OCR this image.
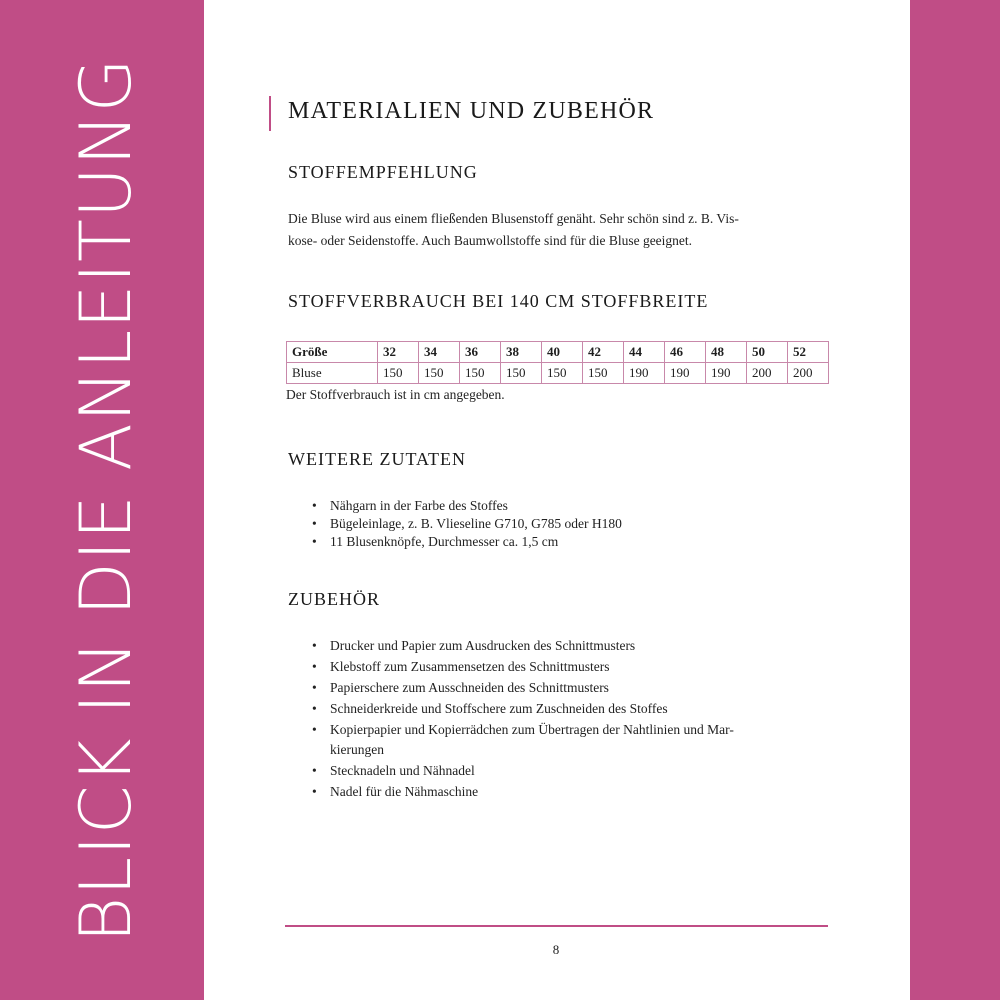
BLICK IN DIE ANLEITUNG	MATERIALIEN UND ZUBEHÖR
STOFFEMPFEHLUNG
Die Bluse wird aus einem fließenden Blusenstoff genäht. Sehr schön sind z. B. Vis-
kose- oder Seidenstoffe. Auch Baumwollstoffe sind für die Bluse geeignet.
STOFFVERBRAUCH BEI 140 CM STOFFBREITE
Größe	32	34	36	38	40	42	44	46	48	50	52
Bluse	150	150	150	150	150	150	190	190	190	200	200
Der Stoffverbrauch ist in cm angegeben.
WEITERE ZUTATEN
• Nähgarn in der Farbe des Stoffes
• Bügeleinlage, z. B. Vlieseline G710, G785 oder H180
• 11 Blusenknöpfe, Durchmesser ca. 1,5 cm
ZUBEHÖR
• Drucker und Papier zum Ausdrucken des Schnittmusters
• Klebstoff zum Zusammensetzen des Schnittmusters
• Papierschere zum Ausschneiden des Schnittmusters
• Schneiderkreide und Stoffschere zum Zuschneiden des Stoffes
• Kopierpapier und Kopierrädchen zum Übertragen der Nahtlinien und Mar-
kierungen
• Stecknadeln und Nähnadel
• Nadel für die Nähmaschine
8
